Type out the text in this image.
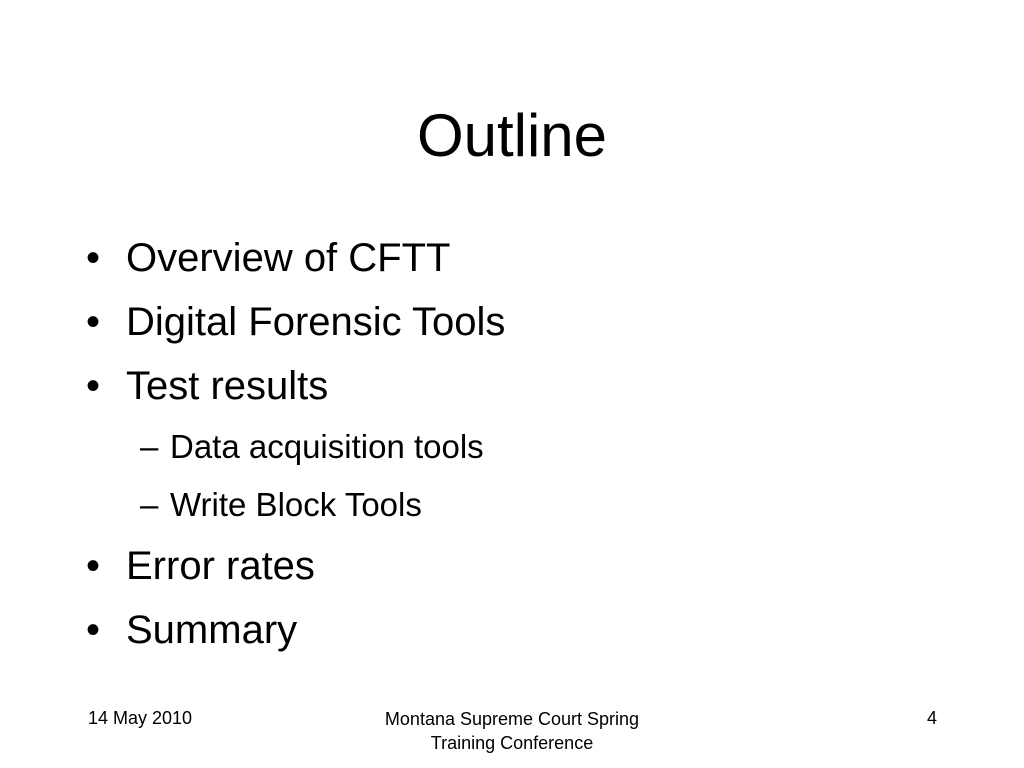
Outline
• Overview of CFTT
• Digital Forensic Tools
• Test results
– Data acquisition tools
– Write Block Tools
• Error rates
• Summary
14 May 2010	Montana Supreme Court Spring
Training Conference
4
